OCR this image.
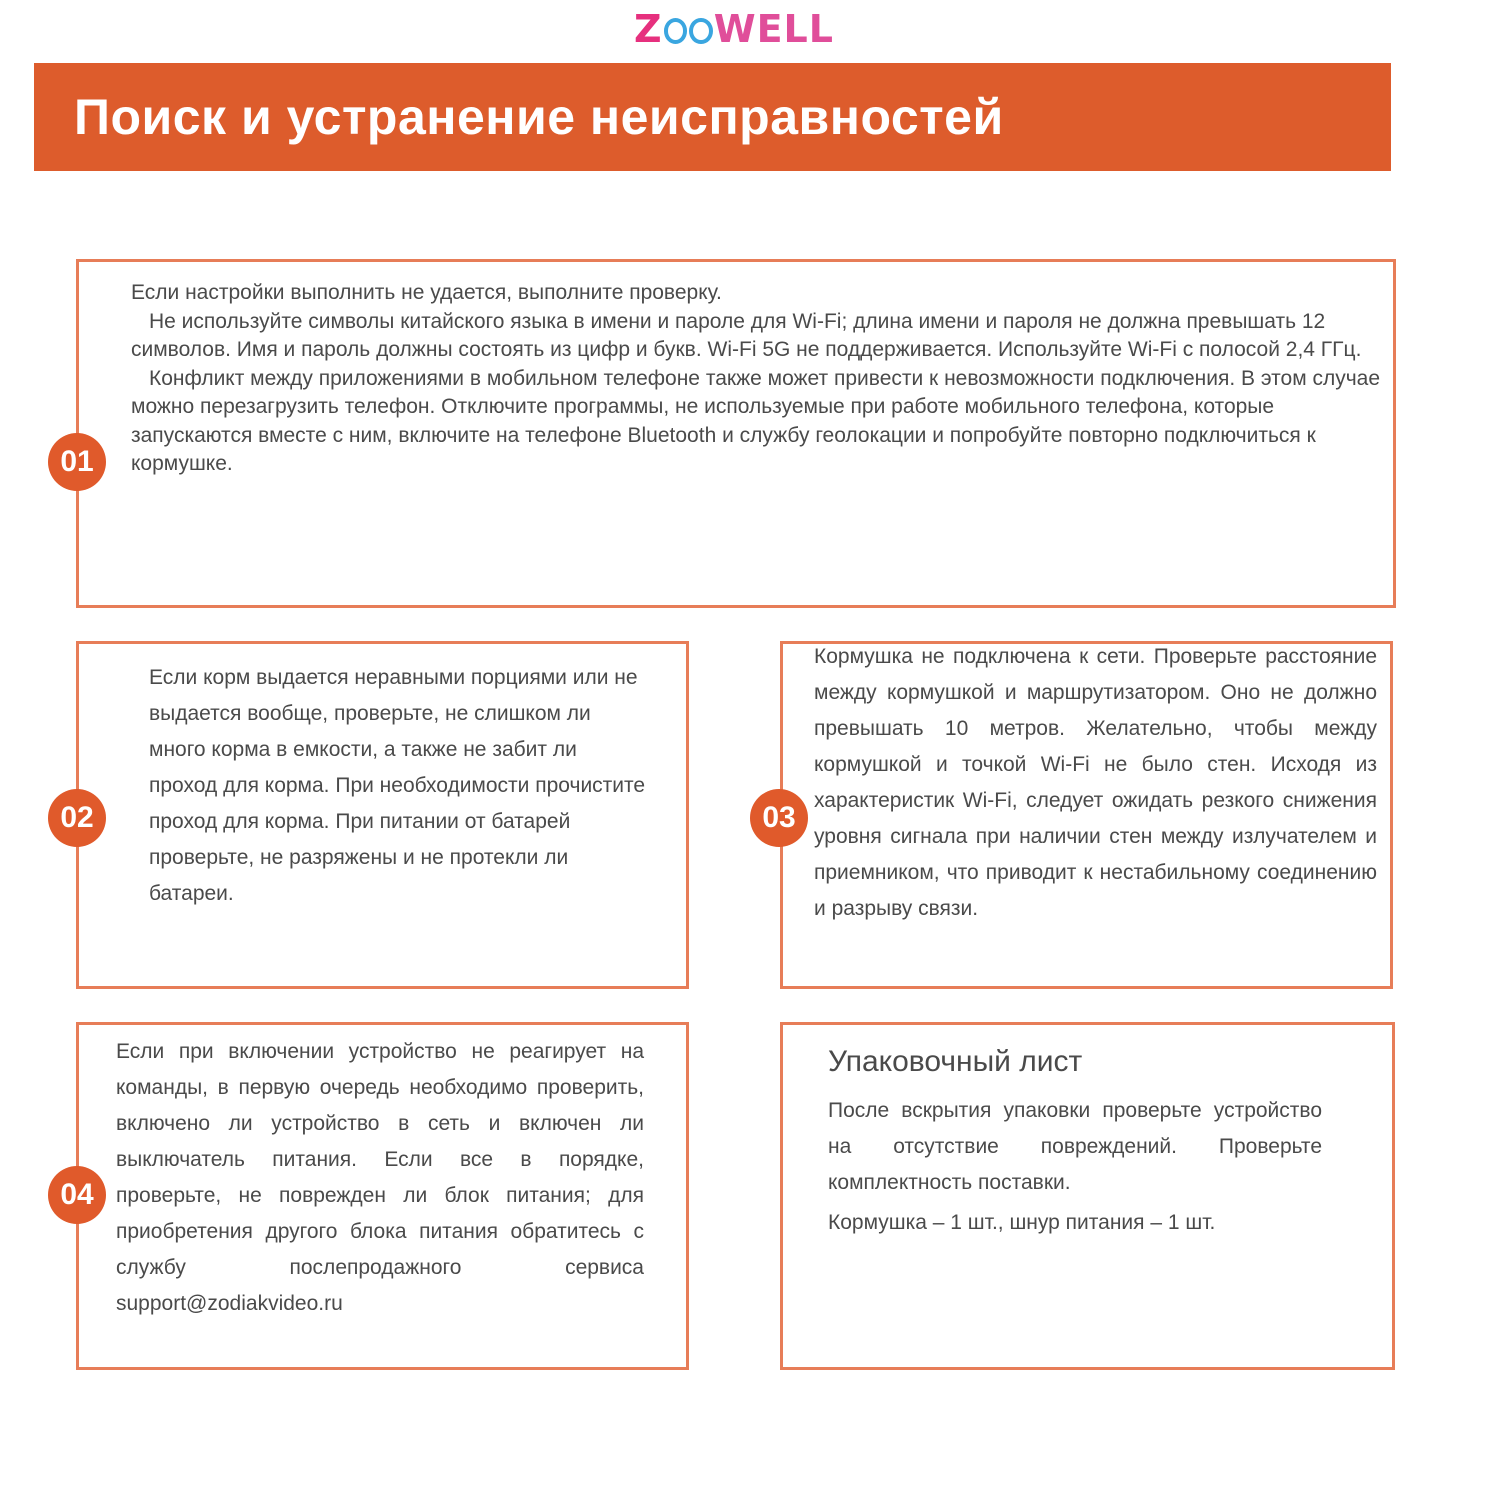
Z WELL
Поиск и устранение неисправностей
01

Если настройки выполнить не удается, выполните проверку.

Не используйте символы китайского языка в имени и пароле для Wi-Fi; длина имени и пароля не должна превышать 12 символов. Имя и пароль должны состоять из цифр и букв. Wi-Fi 5G не поддерживается. Используйте Wi-Fi с полосой 2,4 ГГц.

Конфликт между приложениями в мобильном телефоне также может привести к невозможности подключения. В этом случае можно перезагрузить телефон. Отключите программы, не используемые при работе мобильного телефона, которые запускаются вместе с ним, включите на телефоне Bluetooth и службу геолокации и попробуйте повторно подключиться к кормушке.

02

Если корм выдается неравными порциями или не выдается вообще, проверьте, не слишком ли много корма в емкости, а также не забит ли проход для корма. При необходимости прочистите проход для корма. При питании от батарей проверьте, не разряжены и не протекли ли батареи.

03

Кормушка не подключена к сети. Проверьте расстояние между кормушкой и маршрутизатором. Оно не должно превышать 10 метров. Желательно, чтобы между кормушкой и точкой Wi-Fi не было стен. Исходя из характеристик Wi-Fi, следует ожидать резкого снижения уровня сигнала при наличии стен между излучателем и приемником, что приводит к нестабильному соединению и разрыву связи.

04

Если при включении устройство не реагирует на команды, в первую очередь необходимо проверить, включено ли устройство в сеть и включен ли выключатель питания. Если все в порядке, проверьте, не поврежден ли блок питания; для приобретения другого блока питания обратитесь с службу послепродажного сервиса support@zodiakvideo.ru

Упаковочный лист

После вскрытия упаковки проверьте устройство на отсутствие повреждений. Проверьте комплектность поставки.

Кормушка – 1 шт., шнур питания – 1 шт.
